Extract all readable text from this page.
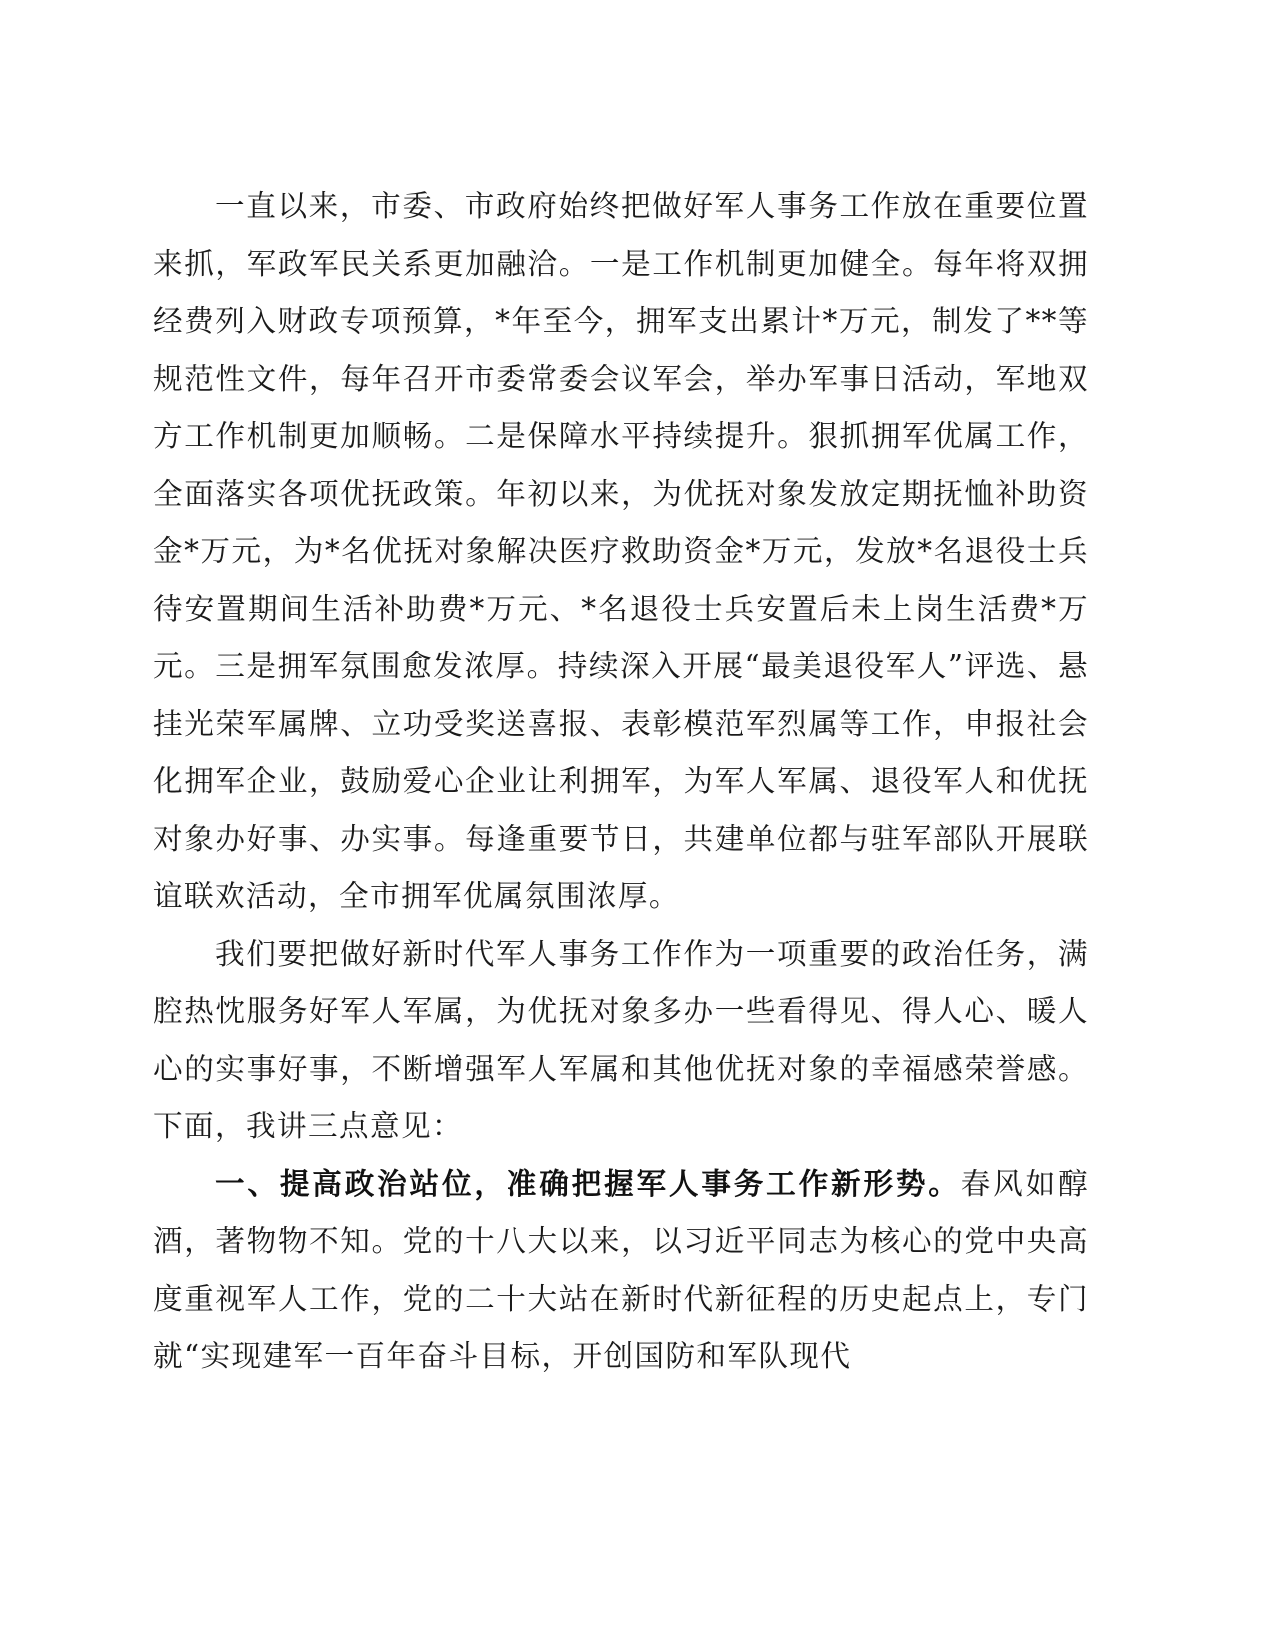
一直以来，市委、市政府始终把做好军人事务工作放在重要位置来抓，军政军民关系更加融洽。一是工作机制更加健全。每年将双拥经费列入财政专项预算，*年至今，拥军支出累计*万元，制发了**等规范性文件，每年召开市委常委会议军会，举办军事日活动，军地双方工作机制更加顺畅。二是保障水平持续提升。狠抓拥军优属工作，全面落实各项优抚政策。年初以来，为优抚对象发放定期抚恤补助资金*万元，为*名优抚对象解决医疗救助资金*万元，发放*名退役士兵待安置期间生活补助费*万元、*名退役士兵安置后未上岗生活费*万元。三是拥军氛围愈发浓厚。持续深入开展“最美退役军人”评选、悬挂光荣军属牌、立功受奖送喜报、表彰模范军烈属等工作，申报社会化拥军企业，鼓励爱心企业让利拥军，为军人军属、退役军人和优抚对象办好事、办实事。每逢重要节日，共建单位都与驻军部队开展联谊联欢活动，全市拥军优属氛围浓厚。

我们要把做好新时代军人事务工作作为一项重要的政治任务，满腔热忱服务好军人军属，为优抚对象多办一些看得见、得人心、暖人心的实事好事，不断增强军人军属和其他优抚对象的幸福感荣誉感。下面，我讲三点意见：

一、提高政治站位，准确把握军人事务工作新形势。春风如醇酒，著物物不知。党的十八大以来，以习近平同志为核心的党中央高度重视军人工作，党的二十大站在新时代新征程的历史起点上，专门就“实现建军一百年奋斗目标，开创国防和军队现代
